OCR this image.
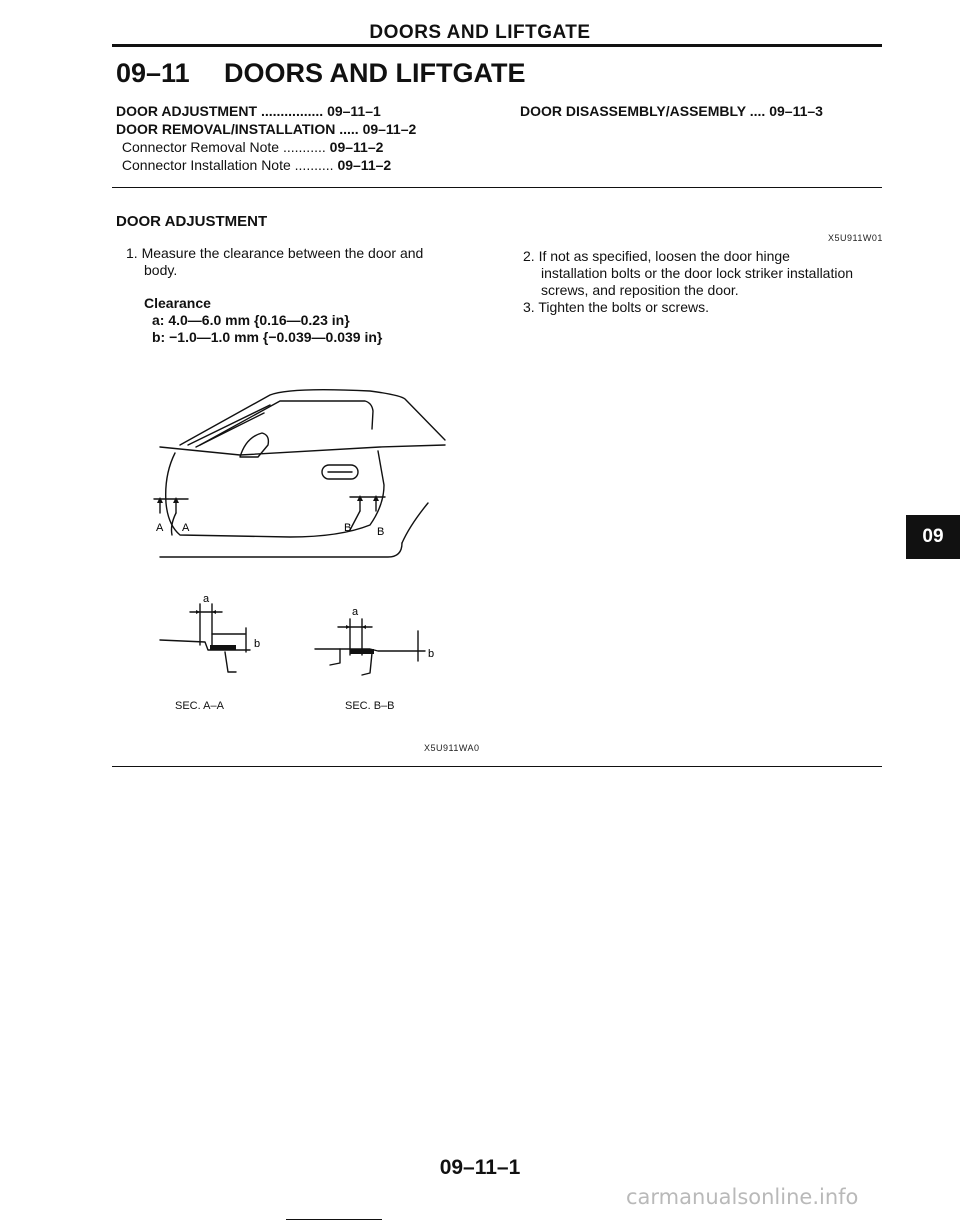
DOORS AND LIFTGATE
09–11 DOORS AND LIFTGATE
DOOR ADJUSTMENT ................ 09–11–1
DOOR REMOVAL/INSTALLATION ..... 09–11–2
Connector Removal Note ........... 09–11–2
Connector Installation Note .......... 09–11–2
DOOR DISASSEMBLY/ASSEMBLY .... 09–11–3
DOOR ADJUSTMENT
X5U911W01
1. Measure the clearance between the door and
body.
Clearance
a: 4.0—6.0 mm {0.16—0.23 in}
b: −1.0—1.0 mm {−0.039—0.039 in}
2. If not as specified, loosen the door hinge
installation bolts or the door lock striker installation
screws, and reposition the door.
3. Tighten the bolts or screws.
A A	B B
a
b
a
b
SEC. A–A	SEC. B–B
X5U911WA0
09
09–11–1
carmanualsonline.info
